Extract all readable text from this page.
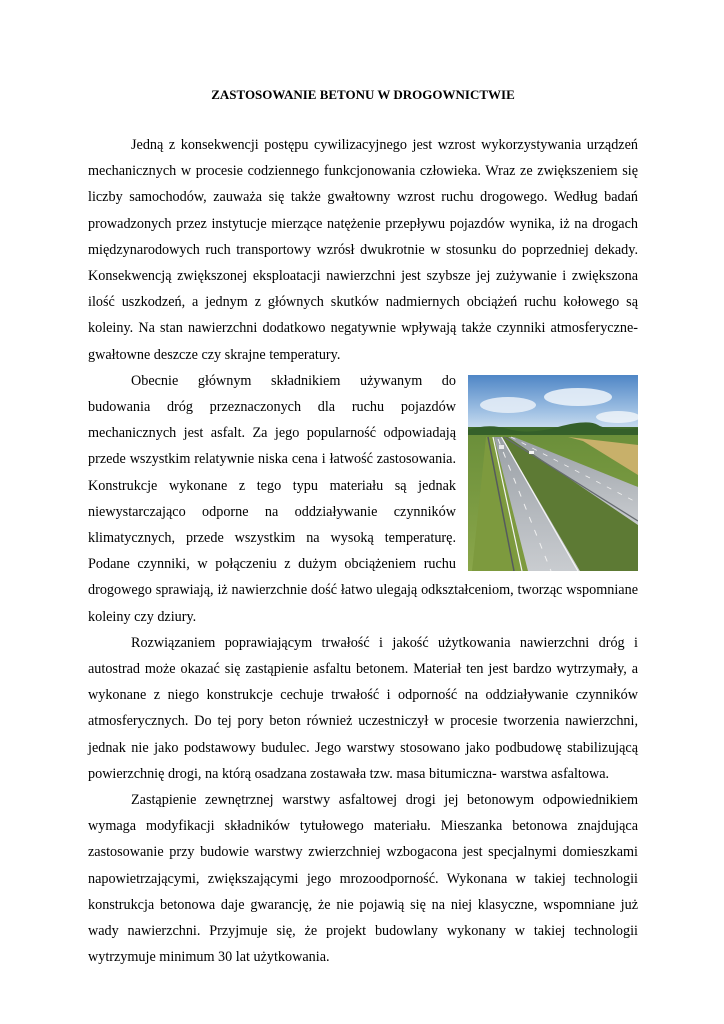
ZASTOSOWANIE BETONU W DROGOWNICTWIE

Jedną z konsekwencji postępu cywilizacyjnego jest wzrost wykorzystywania urządzeń mechanicznych w procesie codziennego funkcjonowania człowieka. Wraz ze zwiększeniem się liczby samochodów, zauważa się także gwałtowny wzrost ruchu drogowego. Według badań prowadzonych przez instytucje mierzące natężenie przepływu pojazdów wynika, iż na drogach międzynarodowych ruch transportowy wzrósł dwukrotnie w stosunku do poprzedniej dekady. Konsekwencją zwiększonej eksploatacji nawierzchni jest szybsze jej zużywanie i zwiększona ilość uszkodzeń, a jednym z głównych skutków nadmiernych obciążeń ruchu kołowego są koleiny. Na stan nawierzchni dodatkowo negatywnie wpływają także czynniki atmosferyczne- gwałtowne deszcze czy skrajne temperatury.

Obecnie głównym składnikiem używanym do budowania dróg przeznaczonych dla ruchu pojazdów mechanicznych jest asfalt. Za jego popularność odpowiadają przede wszystkim relatywnie niska cena i łatwość zastosowania. Konstrukcje wykonane z tego typu materiału są jednak niewystarczająco odporne na oddziaływanie czynników klimatycznych, przede wszystkim na wysoką temperaturę. Podane czynniki, w połączeniu z dużym obciążeniem ruchu drogowego sprawiają, iż nawierzchnie dość łatwo ulegają odkształceniom, tworząc wspomniane koleiny czy dziury.

Rozwiązaniem poprawiającym trwałość i jakość użytkowania nawierzchni dróg i autostrad może okazać się zastąpienie asfaltu betonem. Materiał ten jest bardzo wytrzymały, a wykonane z niego konstrukcje cechuje trwałość i odporność na oddziaływanie czynników atmosferycznych. Do tej pory beton również uczestniczył w procesie tworzenia nawierzchni, jednak nie jako podstawowy budulec. Jego warstwy stosowano jako podbudowę stabilizującą powierzchnię drogi, na którą osadzana zostawała tzw. masa bitumiczna- warstwa asfaltowa.

Zastąpienie zewnętrznej warstwy asfaltowej drogi jej betonowym odpowiednikiem wymaga modyfikacji składników tytułowego materiału. Mieszanka betonowa znajdująca zastosowanie przy budowie warstwy zwierzchniej wzbogacona jest specjalnymi domieszkami napowietrzającymi, zwiększającymi jego mrozoodporność. Wykonana w takiej technologii konstrukcja betonowa daje gwarancję, że nie pojawią się na niej klasyczne, wspomniane już wady nawierzchni. Przyjmuje się, że projekt budowlany wykonany w takiej technologii wytrzymuje minimum 30 lat użytkowania.
